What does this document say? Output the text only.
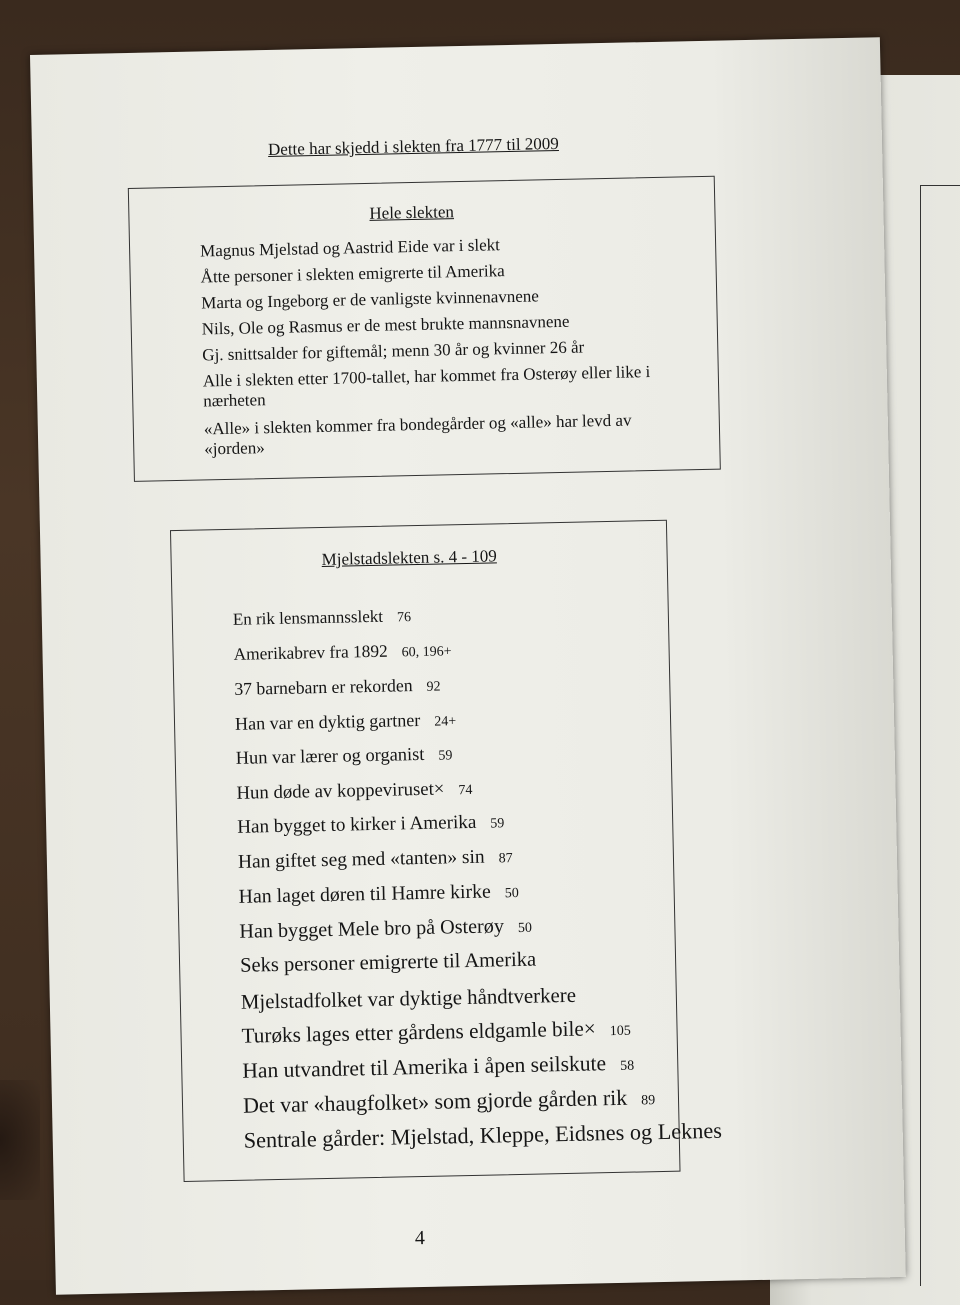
Dette har skjedd i slekten fra 1777 til 2009
Hele slekten
Magnus Mjelstad og Aastrid Eide var i slekt
Åtte personer i slekten emigrerte til Amerika
Marta og Ingeborg er de vanligste kvinnenavnene
Nils, Ole og Rasmus er de mest brukte mannsnavnene
Gj. snittsalder for giftemål; menn 30 år og kvinner 26 år
Alle i slekten etter 1700-tallet, har kommet fra Osterøy eller like i nærheten
«Alle» i slekten kommer fra bondegårder og «alle» har levd av «jorden»
Mjelstadslekten s. 4 - 109
En rik lensmannsslekt 76
Amerikabrev fra 1892 60, 196+
37 barnebarn er rekorden 92
Han var en dyktig gartner 24+
Hun var lærer og organist 59
Hun døde av koppeviruset× 74
Han bygget to kirker i Amerika 59
Han giftet seg med «tanten» sin 87
Han laget døren til Hamre kirke 50
Han bygget Mele bro på Osterøy 50
Seks personer emigrerte til Amerika
Mjelstadfolket var dyktige håndtverkere
Turøks lages etter gårdens eldgamle bile× 105
Han utvandret til Amerika i åpen seilskute 58
Det var «haugfolket» som gjorde gården rik 89
Sentrale gårder: Mjelstad, Kleppe, Eidsnes og Leknes
4
